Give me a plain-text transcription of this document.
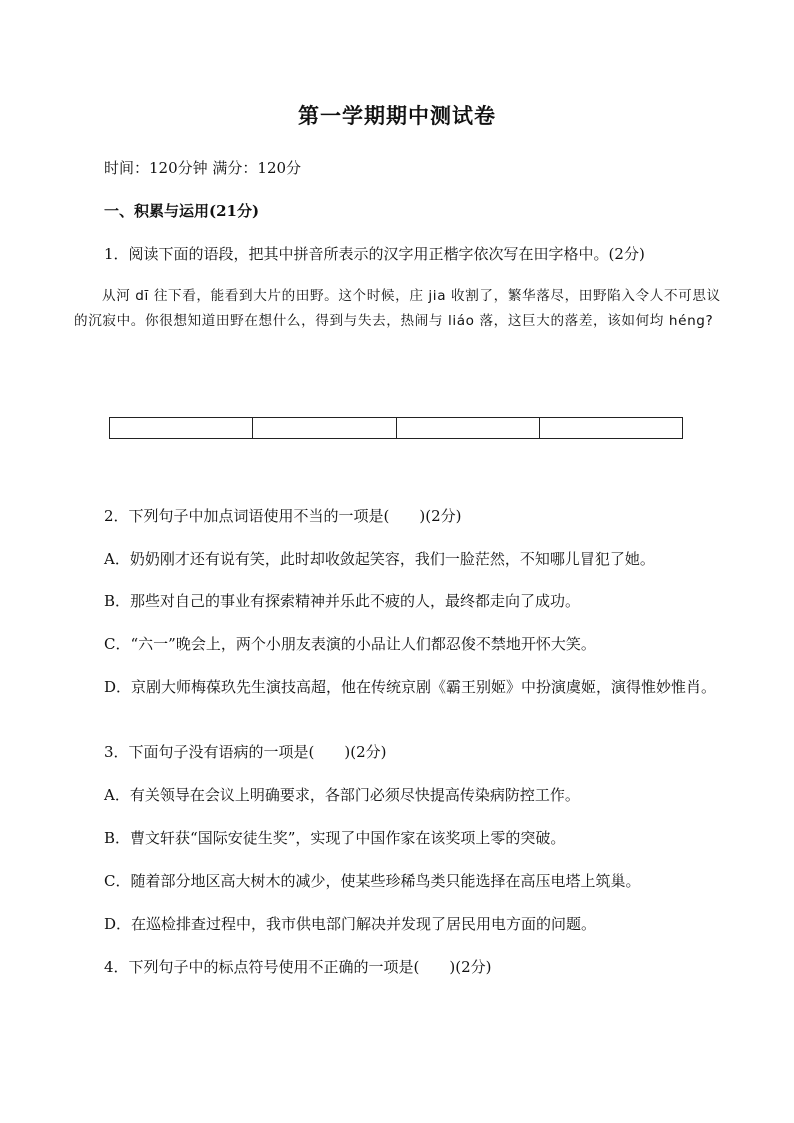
第一学期期中测试卷
时间：120分钟 满分：120分
一、积累与运用(21分)
1．阅读下面的语段，把其中拼音所表示的汉字用正楷字依次写在田字格中。(2分)
从河 dī 往下看，能看到大片的田野。这个时候，庄 jia 收割了，繁华落尽，田野陷入令人不可思议的沉寂中。你很想知道田野在想什么，得到与失去，热闹与 liáo 落，这巨大的落差，该如何均 héng?
2．下列句子中加点词语使用不当的一项是(　　)(2分)
A．奶奶刚才还有说有笑，此时却收敛起笑容，我们一脸茫然，不知哪儿冒犯了她。
B．那些对自己的事业有探索精神并乐此不疲的人，最终都走向了成功。
C．“六一”晚会上，两个小朋友表演的小品让人们都忍俊不禁地开怀大笑。
D．京剧大师梅葆玖先生演技高超，他在传统京剧《霸王别姬》中扮演虞姬，演得惟妙惟肖。
3．下面句子没有语病的一项是(　　)(2分)
A．有关领导在会议上明确要求，各部门必须尽快提高传染病防控工作。
B．曹文轩获“国际安徒生奖”，实现了中国作家在该奖项上零的突破。
C．随着部分地区高大树木的减少，使某些珍稀鸟类只能选择在高压电塔上筑巢。
D．在巡检排查过程中，我市供电部门解决并发现了居民用电方面的问题。
4．下列句子中的标点符号使用不正确的一项是(　　)(2分)
